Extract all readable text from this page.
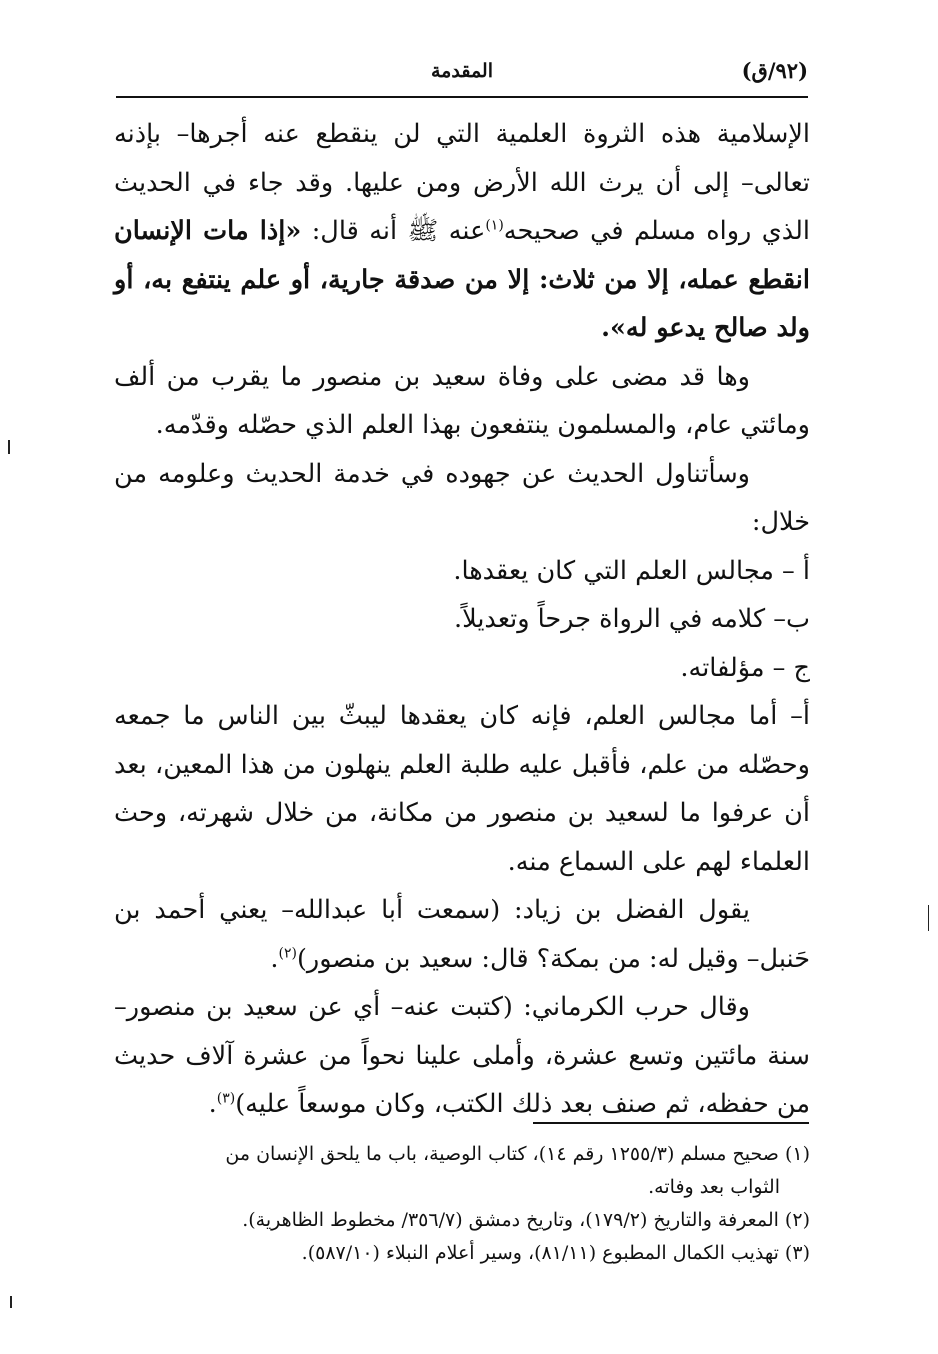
(٩٢/ق)
المقدمة

الإسلامية هذه الثروة العلمية التي لن ينقطع عنه أجرها– بإذنه تعالى– إلى أن يرث الله الأرض ومن عليها. وقد جاء في الحديث الذي رواه مسلم في صحيحه$^{(١)}$عنه ﷺ أنه قال: «إذا مات الإنسان انقطع عمله، إلا من ثلاث: إلا من صدقة جارية، أو علم ينتفع به، أو ولد صالح يدعو له».

وها قد مضى على وفاة سعيد بن منصور ما يقرب من ألف ومائتي عام، والمسلمون ينتفعون بهذا العلم الذي حصّله وقدّمه.

وسأتناول الحديث عن جهوده في خدمة الحديث وعلومه من خلال:

أ – مجالس العلم التي كان يعقدها.

ب– كلامه في الرواة جرحاً وتعديلاً.

ج – مؤلفاته.

أ– أما مجالس العلم، فإنه كان يعقدها ليبثّ بين الناس ما جمعه وحصّله من علم، فأقبل عليه طلبة العلم ينهلون من هذا المعين، بعد أن عرفوا ما لسعيد بن منصور من مكانة، من خلال شهرته، وحث العلماء لهم على السماع منه.

يقول الفضل بن زياد: (سمعت أبا عبدالله– يعني أحمد بن حَنبل– وقيل له: من بمكة؟ قال: سعيد بن منصور)$^{(٢)}$.

وقال حرب الكرماني: (كتبت عنه– أي عن سعيد بن منصور– سنة مائتين وتسع عشرة، وأملى علينا نحواً من عشرة آلاف حديث من حفظه، ثم صنف بعد ذلك الكتب، وكان موسعاً عليه)$^{(٣)}$.

(١) صحيح مسلم (١٢٥٥/٣ رقم ١٤)، كتاب الوصية، باب ما يلحق الإنسان من

الثواب بعد وفاته.

(٢) المعرفة والتاريخ (١٧٩/٢)، وتاريخ دمشق (٣٥٦/٧/ مخطوط الظاهرية).

(٣) تهذيب الكمال المطبوع (٨١/١١)، وسير أعلام النبلاء (٥٨٧/١٠).
